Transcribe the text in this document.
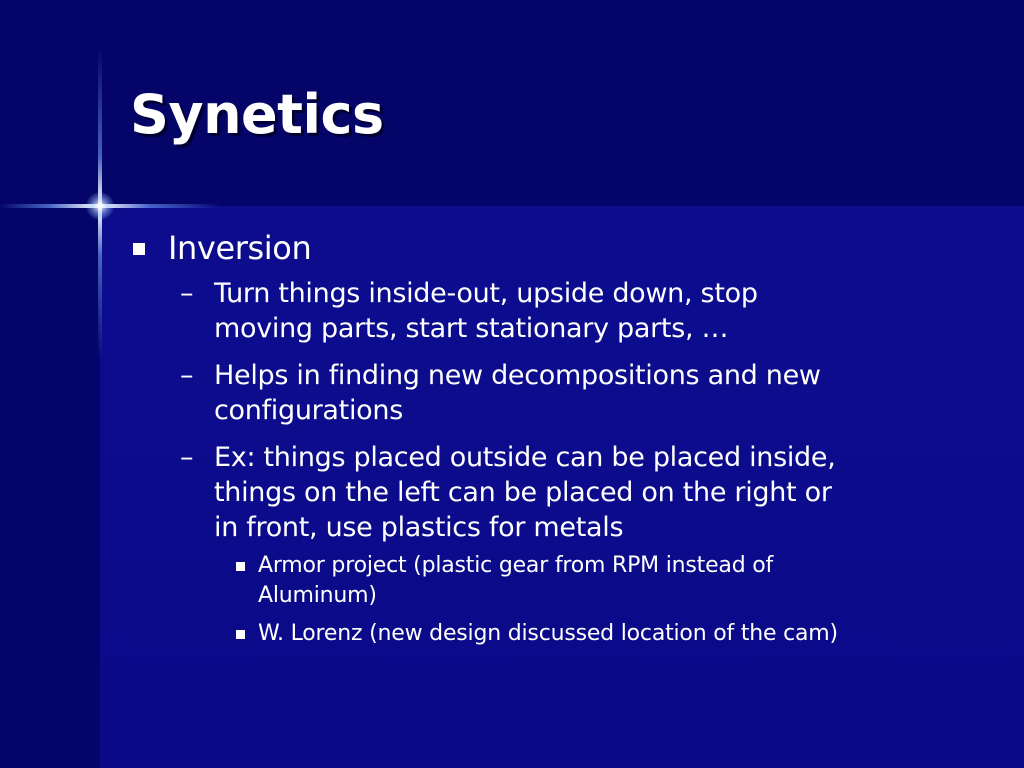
Synetics
Inversion
– Turn things inside-out, upside down, stop moving parts, start stationary parts, …
– Helps in finding new decompositions and new configurations
– Ex: things placed outside can be placed inside, things on the left can be placed on the right or in front, use plastics for metals
Armor project (plastic gear from RPM instead of Aluminum)
W. Lorenz (new design discussed location of the cam)
